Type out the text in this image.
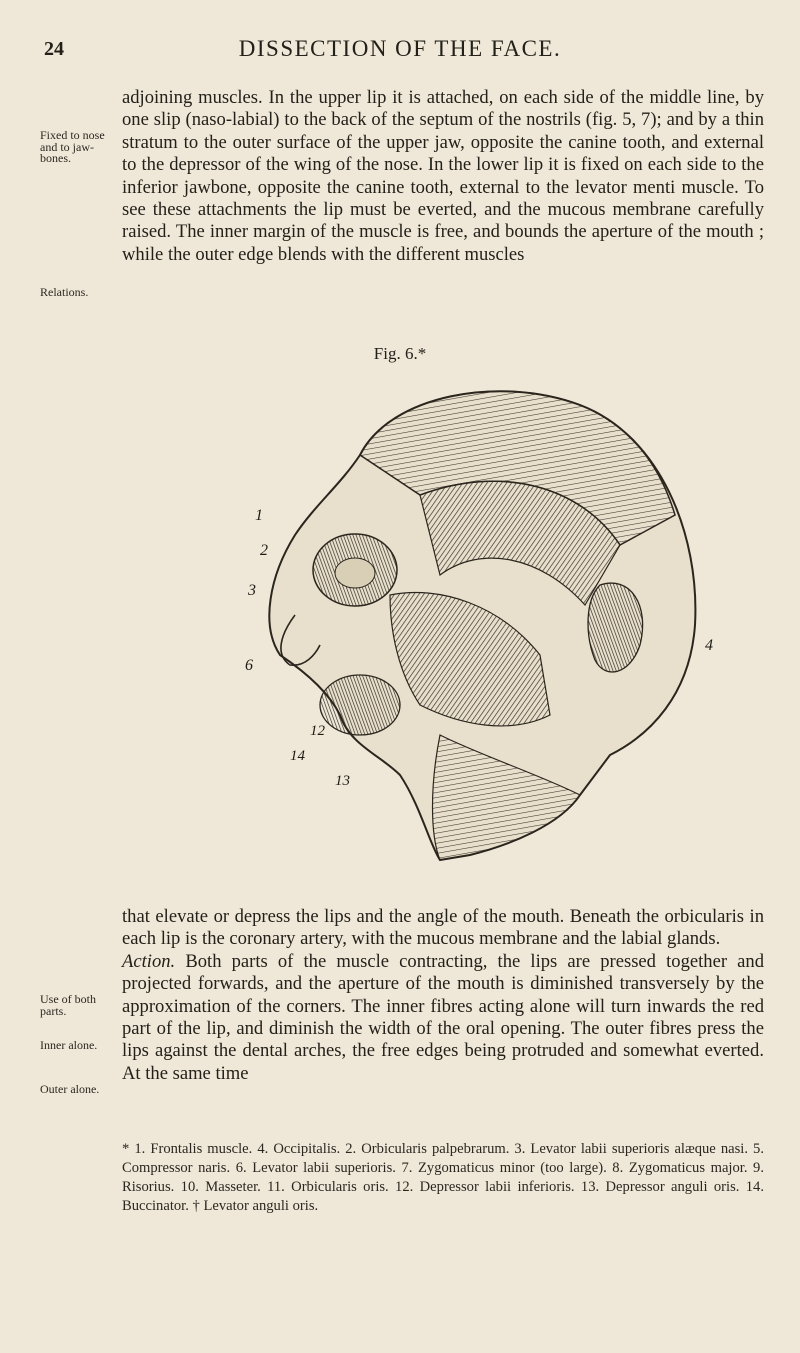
24	DISSECTION OF THE FACE.
Fixed to nose and to jaw-bones.
Relations.
Use of both parts.
Inner alone.
Outer alone.

adjoining muscles. In the upper lip it is attached, on each side of the middle line, by one slip (naso-labial) to the back of the septum of the nostrils (fig. 5, 7); and by a thin stratum to the outer surface of the upper jaw, opposite the canine tooth, and external to the depressor of the wing of the nose. In the lower lip it is fixed on each side to the inferior jawbone, opposite the canine tooth, external to the levator menti muscle. To see these attachments the lip must be everted, and the mucous membrane carefully raised. The inner margin of the muscle is free, and bounds the aperture of the mouth ; while the outer edge blends with the different muscles

Fig. 6.*
1
2
3
4
6
12
14
13

that elevate or depress the lips and the angle of the mouth. Beneath the orbicularis in each lip is the coronary artery, with the mucous membrane and the labial glands.
Action. Both parts of the muscle contracting, the lips are pressed together and projected forwards, and the aperture of the mouth is diminished transversely by the approximation of the corners. The inner fibres acting alone will turn inwards the red part of the lip, and diminish the width of the oral opening. The outer fibres press the lips against the dental arches, the free edges being protruded and somewhat everted. At the same time

* 1. Frontalis muscle. 4. Occipitalis. 2. Orbicularis palpebrarum. 3. Levator labii superioris alæque nasi. 5. Compressor naris. 6. Levator labii superioris. 7. Zygomaticus minor (too large). 8. Zygomaticus major. 9. Risorius. 10. Masseter. 11. Orbicularis oris. 12. Depressor labii inferioris. 13. Depressor anguli oris. 14. Buccinator. † Levator anguli oris.
